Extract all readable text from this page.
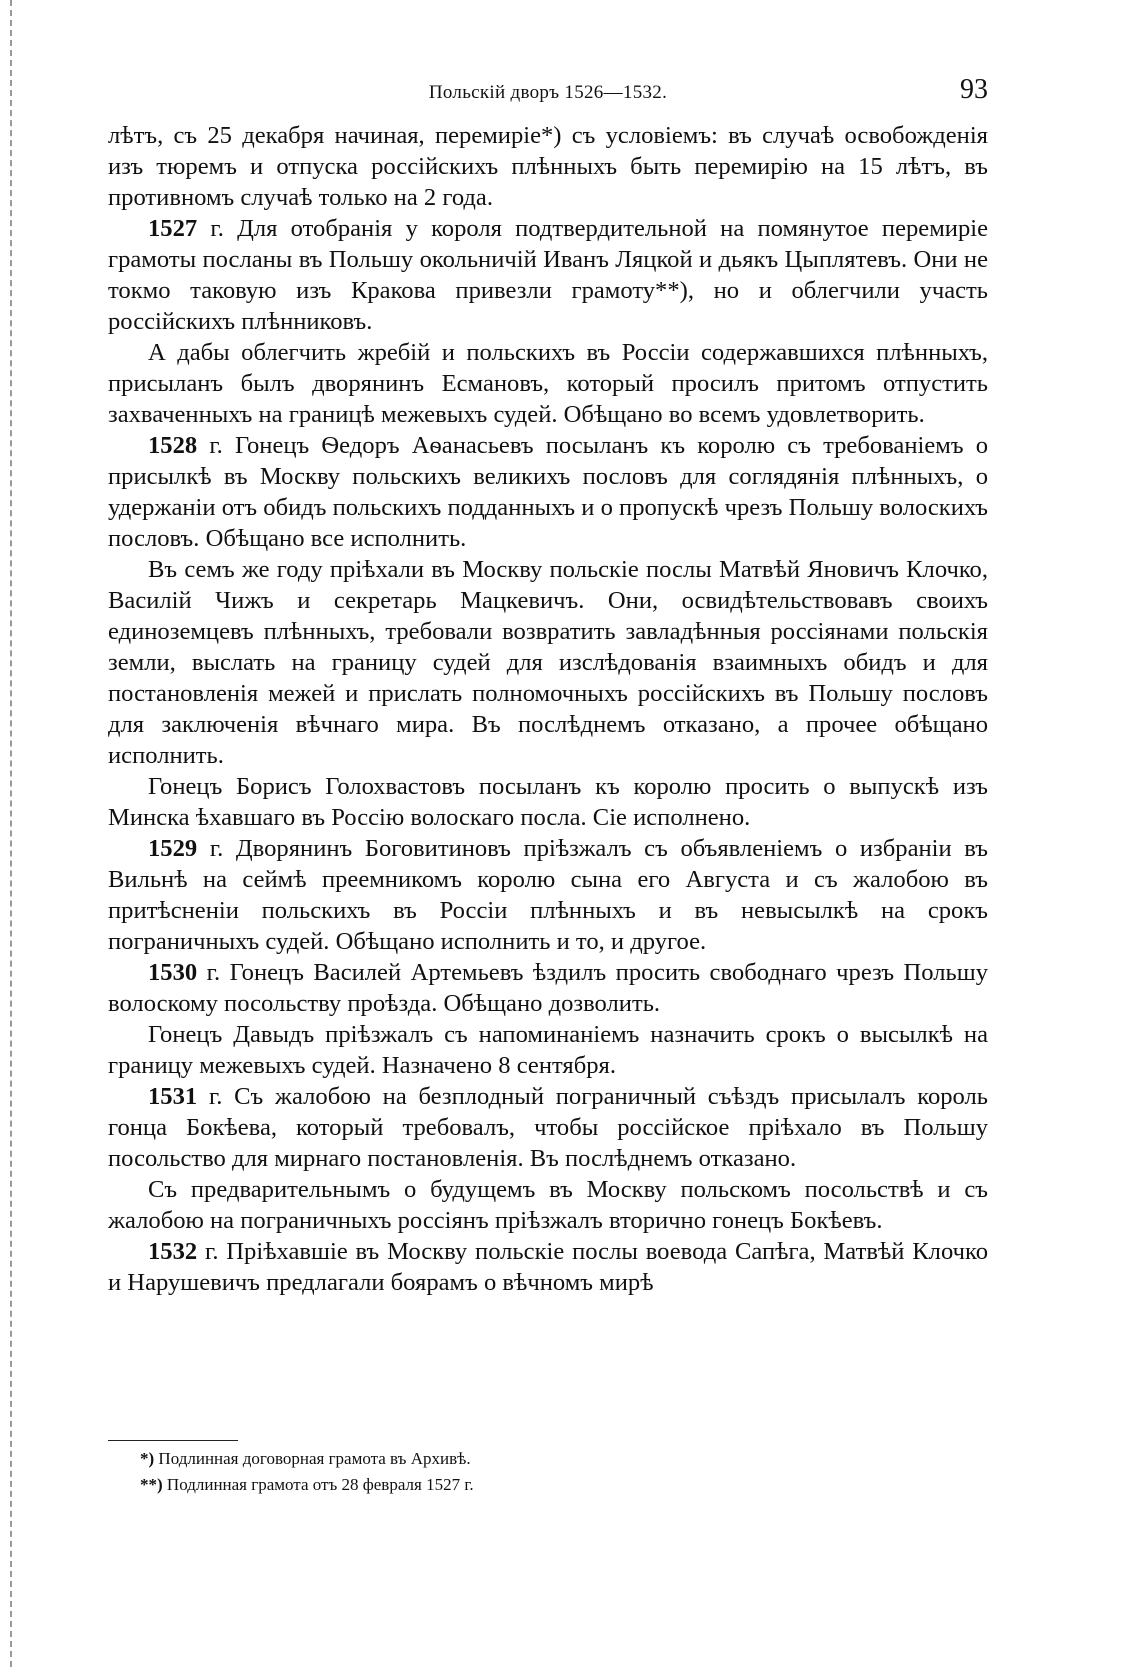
Польскій дворъ 1526—1532.	93

лѣтъ, съ 25 декабря начиная, перемиріе*) съ условіемъ: въ случаѣ освобожденія изъ тюремъ и отпуска россійскихъ плѣнныхъ быть перемирію на 15 лѣтъ, въ противномъ случаѣ только на 2 года.

1527 г. Для отобранія у короля подтвердительной на помянутое перемиріе грамоты посланы въ Польшу окольничій Иванъ Ляцкой и дьякъ Цыплятевъ. Они не токмо таковую изъ Кракова привезли грамоту**), но и облегчили участь россійскихъ плѣнниковъ.

А дабы облегчить жребій и польскихъ въ Россіи содержавшихся плѣнныхъ, присыланъ былъ дворянинъ Есмановъ, который просилъ притомъ отпустить захваченныхъ на границѣ межевыхъ судей. Обѣщано во всемъ удовлетворить.

1528 г. Гонецъ Ѳедоръ Аѳанасьевъ посыланъ къ королю съ требованіемъ о присылкѣ въ Москву польскихъ великихъ пословъ для соглядянія плѣнныхъ, о удержаніи отъ обидъ польскихъ подданныхъ и о пропускѣ чрезъ Польшу волоскихъ пословъ. Обѣщано все исполнить.

Въ семъ же году пріѣхали въ Москву польскіе послы Матвѣй Яновичъ Клочко, Василій Чижъ и секретарь Мацкевичъ. Они, освидѣтельствовавъ своихъ единоземцевъ плѣнныхъ, требовали возвратить завладѣнныя россіянами польскія земли, выслать на границу судей для изслѣдованія взаимныхъ обидъ и для постановленія межей и прислать полномочныхъ россійскихъ въ Польшу пословъ для заключенія вѣчнаго мира. Въ послѣднемъ отказано, а прочее обѣщано исполнить.

Гонецъ Борисъ Голохвастовъ посыланъ къ королю просить о выпускѣ изъ Минска ѣхавшаго въ Россію волоскаго посла. Сіе исполнено.

1529 г. Дворянинъ Боговитиновъ пріѣзжалъ съ объявленіемъ о избраніи въ Вильнѣ на сеймѣ преемникомъ королю сына его Августа и съ жалобою въ притѣсненіи польскихъ въ Россіи плѣнныхъ и въ невысылкѣ на срокъ пограничныхъ судей. Обѣщано исполнить и то, и другое.

1530 г. Гонецъ Василей Артемьевъ ѣздилъ просить свободнаго чрезъ Польшу волоскому посольству проѣзда. Обѣщано дозволить.

Гонецъ Давыдъ пріѣзжалъ съ напоминаніемъ назначить срокъ о высылкѣ на границу межевыхъ судей. Назначено 8 сентября.

1531 г. Съ жалобою на безплодный пограничный съѣздъ присылалъ король гонца Бокѣева, который требовалъ, чтобы россійское пріѣхало въ Польшу посольство для мирнаго постановленія. Въ послѣднемъ отказано.

Съ предварительнымъ о будущемъ въ Москву польскомъ посольствѣ и съ жалобою на пограничныхъ россіянъ пріѣзжалъ вторично гонецъ Бокѣевъ.

1532 г. Пріѣхавшіе въ Москву польскіе послы воевода Сапѣга, Матвѣй Клочко и Нарушевичъ предлагали боярамъ о вѣчномъ мирѣ

*) Подлинная договорная грамота въ Архивѣ.
**) Подлинная грамота отъ 28 февраля 1527 г.
